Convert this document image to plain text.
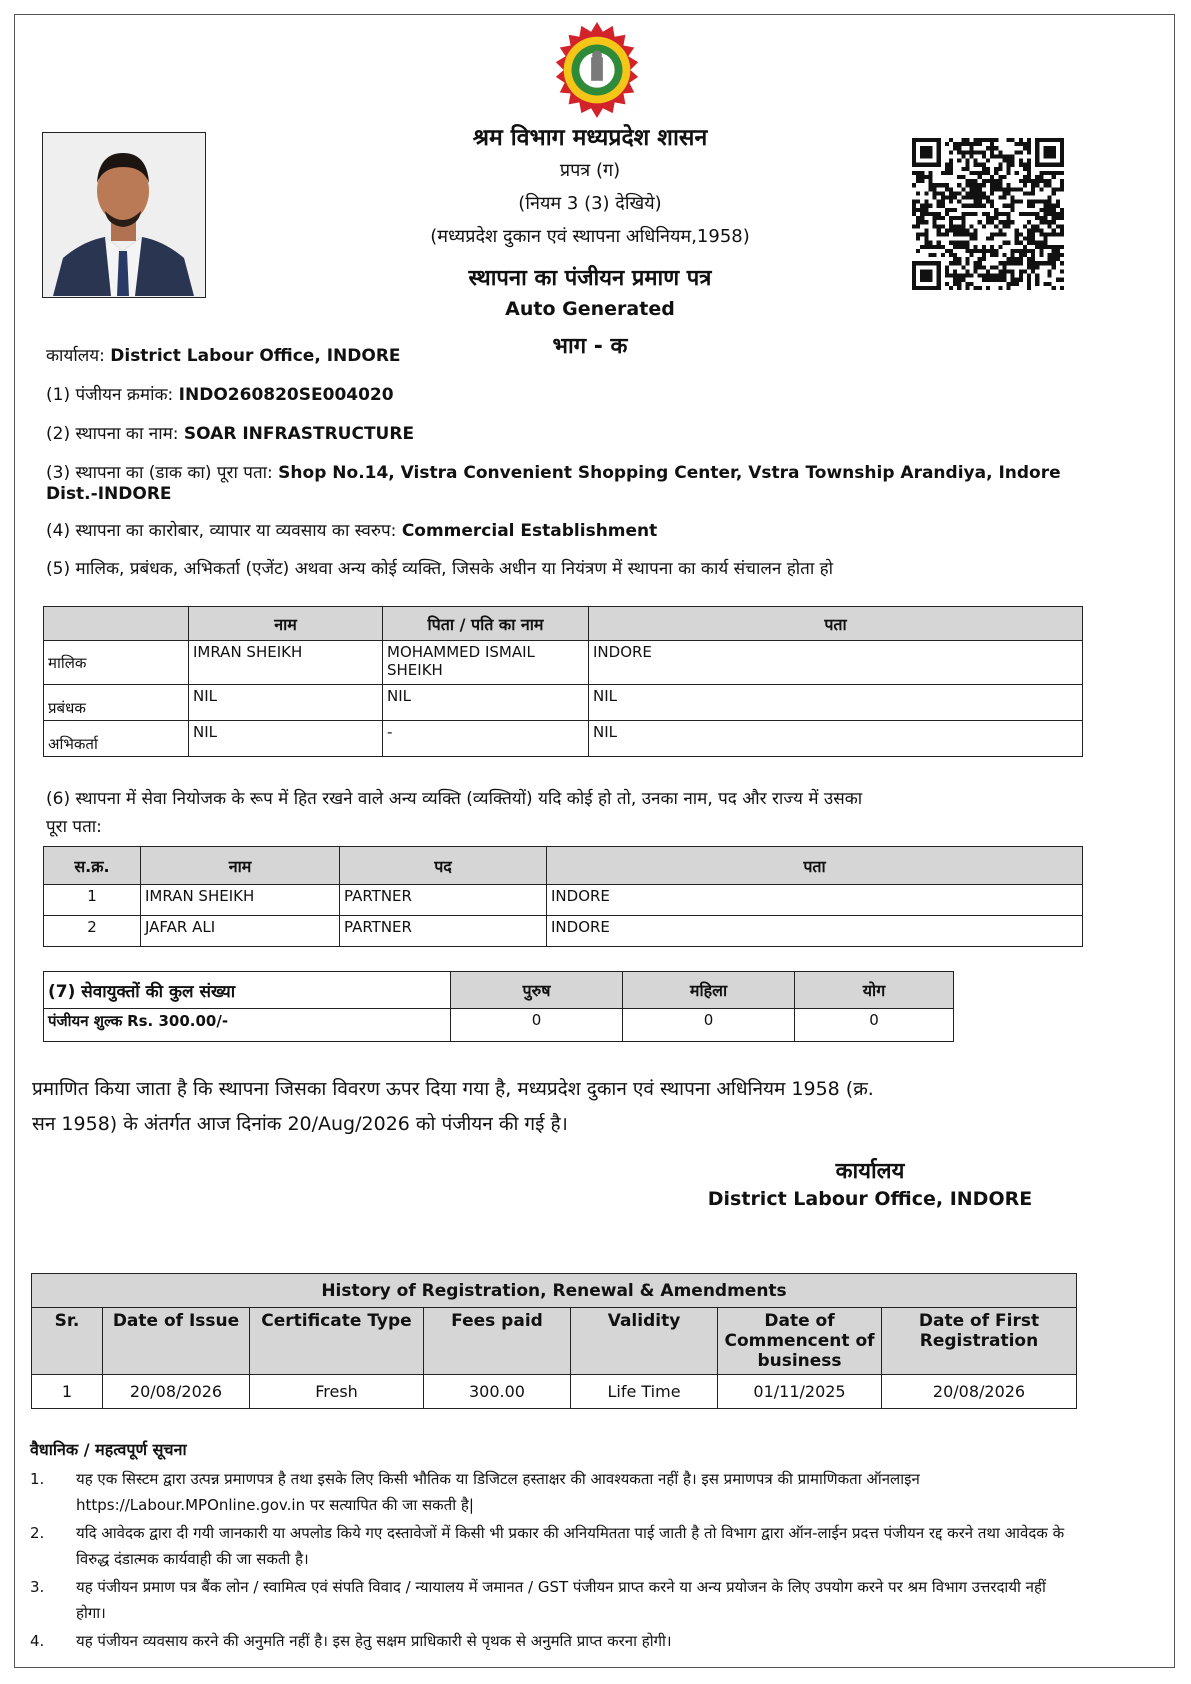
श्रम विभाग मध्यप्रदेश शासन
प्रपत्र (ग)
(नियम 3 (3) देखिये)
(मध्यप्रदेश दुकान एवं स्थापना अधिनियम,1958)
स्थापना का पंजीयन प्रमाण पत्र
Auto Generated
भाग - क
कार्यालय: District Labour Office, INDORE
(1) पंजीयन क्रमांक: INDO260820SE004020
(2) स्थापना का नाम: SOAR INFRASTRUCTURE
(3) स्थापना का (डाक का) पूरा पता: Shop No.14, Vistra Convenient Shopping Center, Vstra Township Arandiya, Indore
Dist.-INDORE
(4) स्थापना का कारोबार, व्यापार या व्यवसाय का स्वरुप: Commercial Establishment
(5) मालिक, प्रबंधक, अभिकर्ता (एजेंट) अथवा अन्य कोई व्यक्ति, जिसके अधीन या नियंत्रण में स्थापना का कार्य संचालन होता हो
	नाम	पिता / पति का नाम	पता
मालिक	IMRAN SHEIKH	MOHAMMED ISMAIL SHEIKH	INDORE
प्रबंधक	NIL	NIL	NIL
अभिकर्ता	NIL	-	NIL
(6) स्थापना में सेवा नियोजक के रूप में हित रखने वाले अन्य व्यक्ति (व्यक्तियों) यदि कोई हो तो, उनका नाम, पद और राज्य में उसका
पूरा पता:
स.क्र.	नाम	पद	पता
1	IMRAN SHEIKH	PARTNER	INDORE
2	JAFAR ALI	PARTNER	INDORE
(7) सेवायुक्तों की कुल संख्या	पुरुष	महिला	योग
पंजीयन शुल्क Rs. 300.00/-	0	0	0
प्रमाणित किया जाता है कि स्थापना जिसका विवरण ऊपर दिया गया है, मध्यप्रदेश दुकान एवं स्थापना अधिनियम 1958 (क्र.
सन 1958) के अंतर्गत आज दिनांक 20/Aug/2026 को पंजीयन की गई है।
कार्यालय
District Labour Office, INDORE
History of Registration, Renewal & Amendments						
Sr.	Date of Issue	Certificate Type	Fees paid	Validity	Date of Commencent of business	Date of First Registration
1	20/08/2026	Fresh	300.00	Life Time	01/11/2025	20/08/2026
वैधानिक / महत्वपूर्ण सूचना
1. यह एक सिस्टम द्वारा उत्पन्न प्रमाणपत्र है तथा इसके लिए किसी भौतिक या डिजिटल हस्ताक्षर की आवश्यकता नहीं है। इस प्रमाणपत्र की प्रामाणिकता ऑनलाइन https://Labour.MPOnline.gov.in पर सत्यापित की जा सकती है|
2. यदि आवेदक द्वारा दी गयी जानकारी या अपलोड किये गए दस्तावेजों में किसी भी प्रकार की अनियमितता पाई जाती है तो विभाग द्वारा ऑन-लाईन प्रदत्त पंजीयन रद्द करने तथा आवेदक के विरुद्ध दंडात्मक कार्यवाही की जा सकती है।
3. यह पंजीयन प्रमाण पत्र बैंक लोन / स्वामित्व एवं संपति विवाद / न्यायालय में जमानत / GST पंजीयन प्राप्त करने या अन्य प्रयोजन के लिए उपयोग करने पर श्रम विभाग उत्तरदायी नहीं होगा।
4. यह पंजीयन व्यवसाय करने की अनुमति नहीं है। इस हेतु सक्षम प्राधिकारी से पृथक से अनुमति प्राप्त करना होगी।
